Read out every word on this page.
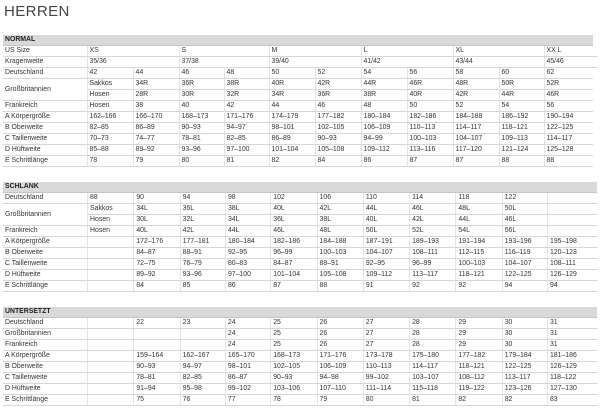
HERREN
NORMAL											
US Size	XS		S		M		L		XL		XX L
Kragenweite	35/36		37/38		39/40		41/42		43/44		45/46
Deutschland	42	44	46	48	50	52	54	56	58	60	62
Großbritannien	Sakkos	34R	36R	38R	40R	42R	44R	46R	48R	50R	52R
	Hosen	28R	30R	32R	34R	36R	38R	40R	42R	44R	46R
Frankreich	Hosen	38	40	42	44	46	48	50	52	54	56
A Körpergröße	162–166	166–170	168–173	171–176	174–179	177–182	180–184	182–186	184–188	186–192	190–194
B Oberweite	82–85	86–89	90–93	94–97	98–101	102–105	106–109	110–113	114–117	118–121	122–125
C Taillenweite	70–73	74–77	78–81	82–85	86–89	90–93	94–99	100–103	104–107	109–113	114–117
D Hüftweite	85–88	89–92	93–96	97–100	101–104	105–108	109–112	113–116	117–120	121–124	125–128
E Schrittlänge	78	79	80	81	82	84	86	87	87	88	88
SCHLANK											
Deutschland	88	90	94	98	102	106	110	114	118	122	
Großbritannien	Sakkos	34L	36L	38L	40L	42L	44L	46L	48L	50L	
	Hosen	30L	32L	34L	36L	38L	40L	42L	44L	46L	
Frankreich	Hosen	40L	42L	44L	46L	48L	50L	52L	54L	56L	
A Körpergröße		172–176	177–181	180–184	182–186	184–188	187–191	189–193	191–194	193–196	195–198
B Oberweite		84–87	88–91	92–95	96–99	100–103	104–107	108–111	112–115	116–119	120–123
C Taillenweite		72–75	76–79	80–83	84–87	88–91	92–95	96–99	100–103	104–107	108–111
D Hüftweite		89–92	93–96	97–100	101–104	105–108	109–112	113–117	118–121	122–125	126–129
E Schrittlänge		84	85	86	87	88	91	92	92	94	94
UNTERSETZT											
Deutschland		22	23	24	25	26	27	28	29	30	31
Großbritannien				24	25	26	27	28	29	30	31
Frankreich				24	25	26	27	28	29	30	31
A Körpergröße		159–164	162–167	165–170	168–173	171–176	173–178	175–180	177–182	179–184	181–186
B Oberweite		90–93	94–97	98–101	102–105	106–109	110–113	114–117	118–121	122–125	126–129
C Taillenweite		78–81	82–85	86–87	90–93	94–98	99–102	103–107	108–112	113–117	118–122
D Hüftweite		91–94	95–98	99–102	103–106	107–110	111–114	115–118	119–122	123–126	127–130
E Schrittlänge		75	76	77	78	79	80	81	82	82	83
